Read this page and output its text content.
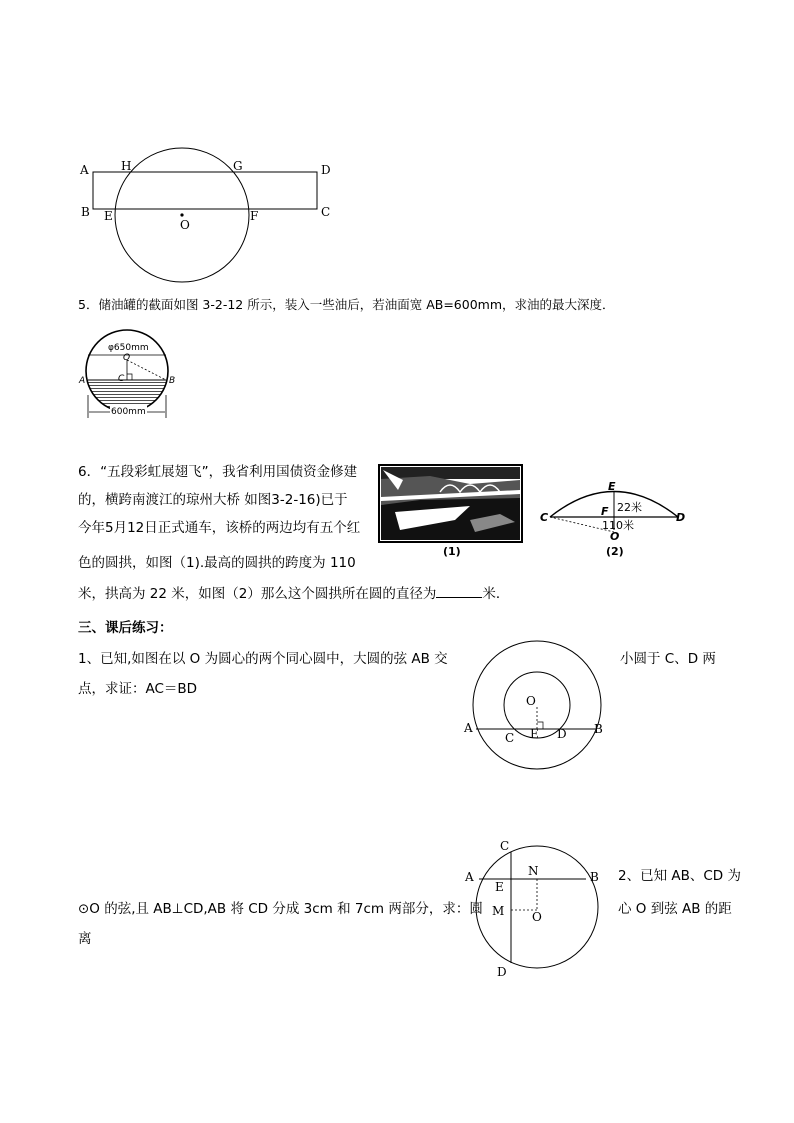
A	H	G	D
B E
O
F	C
5．储油罐的截面如图 3-2-12 所示，装入一些油后，若油面宽 AB=600mm，求油的最大深度．
φ650mm
O
C
A	B
600mm
6．“五段彩虹展翅飞”，我省利用国债资金修建
的，横跨南渡江的琼州大桥 如图3-2-16)已于
今年5月12日正式通车，该桥的两边均有五个红
色的圆拱，如图（1).最高的圆拱的跨度为 110
米，拱高为 22 米，如图（2）那么这个圆拱所在圆的直径为	米．
(1)
C
E
F	D
O
22米
110米
(2)
三、课后练习：
1、已知,如图在以 O 为圆心的两个同心圆中，大圆的弦 AB 交	小圆于 C、D 两
点，求证：AC＝BD
O
A
C E D B
2、已知 AB、CD 为
⊙O 的弦,且 AB⊥CD,AB 将 CD 分成 3cm 和 7cm 两部分，求：圆	心 O 到弦 AB 的距
离
C
N
A	B
E
M O
D
